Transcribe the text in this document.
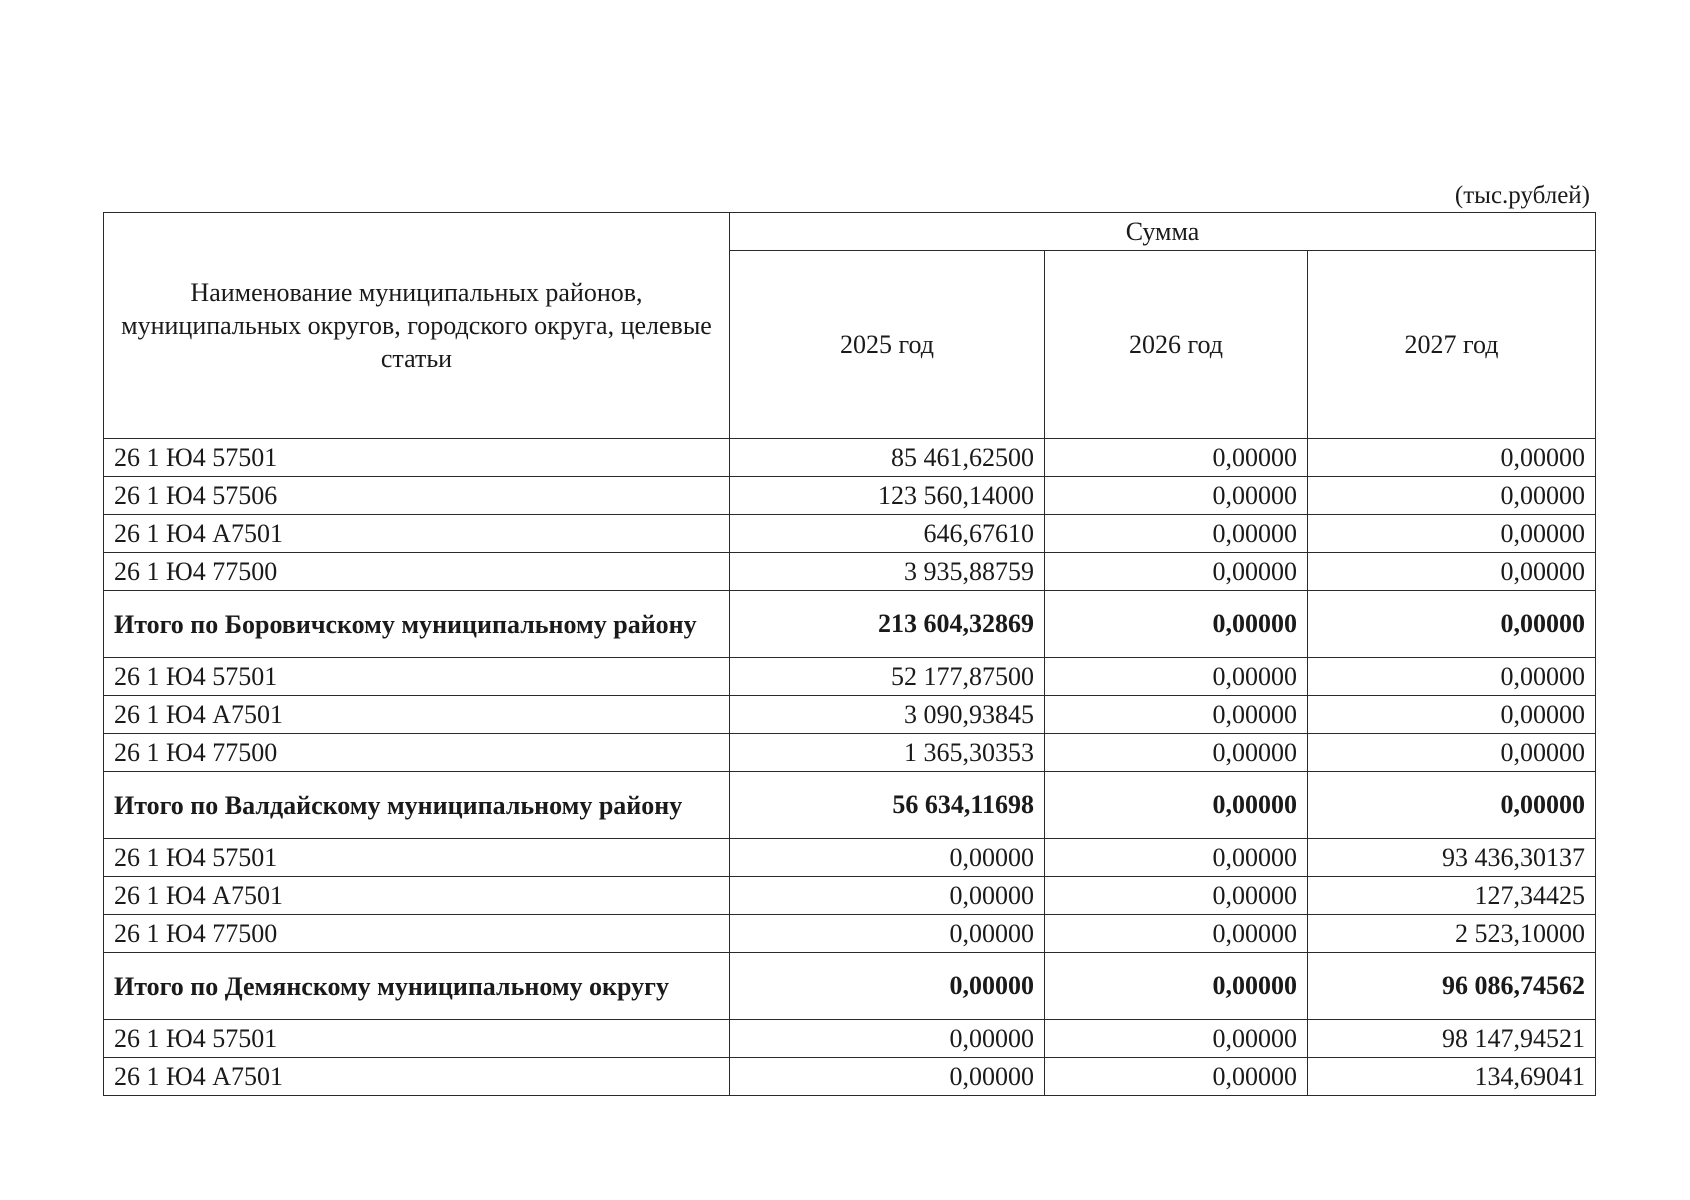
(тыс.рублей)
Наименование муниципальных районов, муниципальных округов, городского округа, целевые статьи	Сумма		
	2025 год	2026 год	2027 год
26 1 Ю4 57501	85 461,62500	0,00000	0,00000
26 1 Ю4 57506	123 560,14000	0,00000	0,00000
26 1 Ю4 A7501	646,67610	0,00000	0,00000
26 1 Ю4 77500	3 935,88759	0,00000	0,00000
Итого по Боровичскому муниципальному району	213 604,32869	0,00000	0,00000
26 1 Ю4 57501	52 177,87500	0,00000	0,00000
26 1 Ю4 A7501	3 090,93845	0,00000	0,00000
26 1 Ю4 77500	1 365,30353	0,00000	0,00000
Итого по Валдайскому муниципальному району	56 634,11698	0,00000	0,00000
26 1 Ю4 57501	0,00000	0,00000	93 436,30137
26 1 Ю4 A7501	0,00000	0,00000	127,34425
26 1 Ю4 77500	0,00000	0,00000	2 523,10000
Итого по Демянскому муниципальному округу	0,00000	0,00000	96 086,74562
26 1 Ю4 57501	0,00000	0,00000	98 147,94521
26 1 Ю4 A7501	0,00000	0,00000	134,69041
